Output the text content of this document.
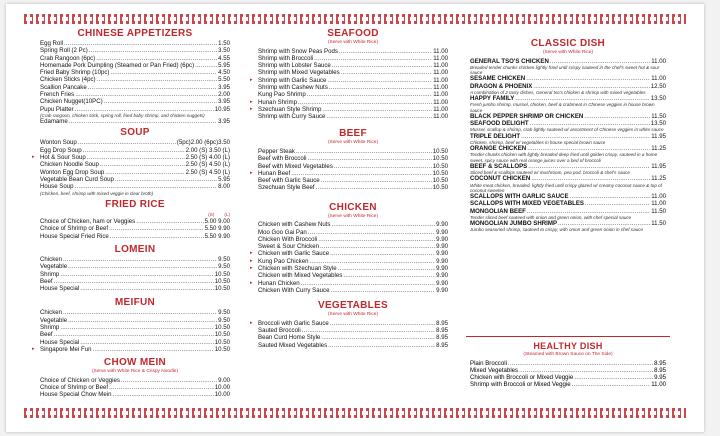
CHINESE APPETIZERS
Egg Roll .....	1.50
Spring Roll (2 Pc) .....	3.50
Crab Rangoon (6pc) .....	4.55
Homemade Pork Dumpling (Steamed or Pan Fried) (6pc) .....	5.95
Fried Baby Shrimp (10pc) .....	4.50
Chicken Sticks (4pc) .....	5.50
Scallion Pancake .....	3.95
French Fries .....	2.00
Chicken Nugget(10PC) .....	3.95
Pupu Platter .....	10.95
(Crab rangoon, chicken stick, spring roll, fried baby shrimp, and chicken nuggets)
Edamame .....	3.95
SOUP
Wonton Soup .....	(5pc)2.00 (6pc)3.50
Egg Drop Soup .....	2.00 (S) 3.50 (L)
▸ Hot & Sour Soup .....	2.50 (S) 4.00 (L)
Chicken Noodle Soup .....	2.50 (S) 4.50 (L)
Wonton Egg Drop Soup .....	2.50 (S) 4.50 (L)
Vegetable Bean Curd Soup .....	5.95
House Soup .....	8.00
(Chicken, beef, shrimp with mixed veggie in clear broth)
FRIED RICE
(S) (L)
Choice of Chicken, ham or Veggies .....	5.00 9.00
Choice of Shrimp or Beef .....	5.50 9.90
House Special Fried Rice .....	5.50 9.90
LOMEIN
Chicken .....	9.50
Vegetable .....	9.50
Shrimp .....	10.50
Beef .....	10.50
House Special .....	10.50
MEIFUN
Chicken .....	9.50
Vegetable .....	9.50
Shrimp .....	10.50
Beef .....	10.50
House Special .....	10.50
▸ Singapore Mei Fun .....	10.50
CHOW MEIN
(Serve with White Rice & Crispy Noodle)
Choice of Chicken or Veggies .....	9.00
Choice of Shrimp or Beef .....	10.00
House Special Chow Mein .....	10.00
SEAFOOD
(Serve with White Rice)
Shrimp with Snow Peas Pods .....	11.00
Shrimp with Broccoli .....	11.00
Shrimp with Lobster Sauce .....	11.00
Shrimp with Mixed Vegetables .....	11.00
▸ Shrimp with Garlic Sauce .....	11.00
Shrimp with Cashew Nuts .....	11.00
Kung Pao Shrimp .....	11.00
▸ Hunan Shrimp .....	11.00
▸ Szechuan Style Shrimp .....	11.00
Shrimp with Curry Sauce .....	11.00
BEEF
(Serve with White Rice)
Pepper Steak .....	10.50
Beef with Broccoli .....	10.50
Beef with Mixed Vegetables .....	10.50
▸ Hunan Beef .....	10.50
Beef with Garlic Sauce .....	10.50
Szechuan Style Beef .....	10.50
CHICKEN
(Serve with White Rice)
Chicken with Cashew Nuts .....	9.90
Moo Goo Gai Pan .....	9.90
Chicken With Broccoli .....	9.90
Sweet & Sour Chicken .....	9.90
▸ Chicken with Garlic Sauce .....	9.90
▸ Kung Pao Chicken .....	9.90
▸ Chicken with Szechuan Style .....	9.90
Chicken with Mixed Vegetables .....	9.90
▸ Hunan Chicken .....	9.90
Chicken With Curry Sauce .....	9.90
VEGETABLES
(Serve with White Rice)
▸ Broccoli with Garlic Sauce .....	8.95
Sauted Broccoli .....	8.95
Bean Curd Home Style .....	8.95
Sauted Mixed Vegetables .....	8.95
CLASSIC DISH
(Serve with White Rice)
GENERAL TSO'S CHICKEN .....	11.00
Breaded tender chunks chicken lightly fried until crispy sauteed in the chef's sweet hot & sour sauce
SESAME CHICKEN .....	11.00
DRAGON & PHOENIX .....	12.50
A combination of 2 tasty dishes, General tso's chicken & shrimp with mixed vegetables
HAPPY FAMILY .....	13.50
Fresh jumbo shrimp, mussel, chicken, beef & crabmeat in Chinese veggies in house brown sauce
BLACK PEPPER SHRIMP OR CHICKEN .....	11.50
SEAFOOD DELIGHT .....	13.50
Mussel, scallop & shrimp, crab lightly sauteed w/ assortment of Chinese veggies in white sauce
TRIPLE DELIGHT .....	11.95
Chicken, shrimp, beef w/ vegetables in house special brown sauce
ORANGE CHICKEN .....	11.25
Tender chunks chicken with lightly breaded deep fried until golden crispy, sauteed in a home sweet, spicy sauce with real orange juices over a bed of broccoli
BEEF & SCALLOPS .....	11.95
Sliced beef & scallops sauteed w/ mushroom, pea pod, broccoli & chef's sauce
COCONUT CHICKEN .....	11.25
White meat chicken, breaded, lightly fried until crispy glazed w/ creamy coconut sauce & top of coconut sweeten
SCALLOPS WITH GARLIC SAUCE .....	11.00
SCALLOPS WITH MIXED VEGETABLES .....	11.00
MONGOLIAN BEEF .....	11.50
Tender sliced beef sauteed with onion and green onion, with chef special sauce
MONGOLIAN JUMBO SHRIMP .....	11.50
Jumbo seasoned shrimp, sauteed to crispy, with onion and green onion in chef sauce
HEALTHY DISH
(Steamed with Brown Sauce on The Side)
Plain Broccoli .....	8.95
Mixed Vegetables .....	8.95
Chicken with Broccoli or Mixed Veggie .....	9.95
Shrimp with Broccoli or Mixed Veggie .....	11.00
